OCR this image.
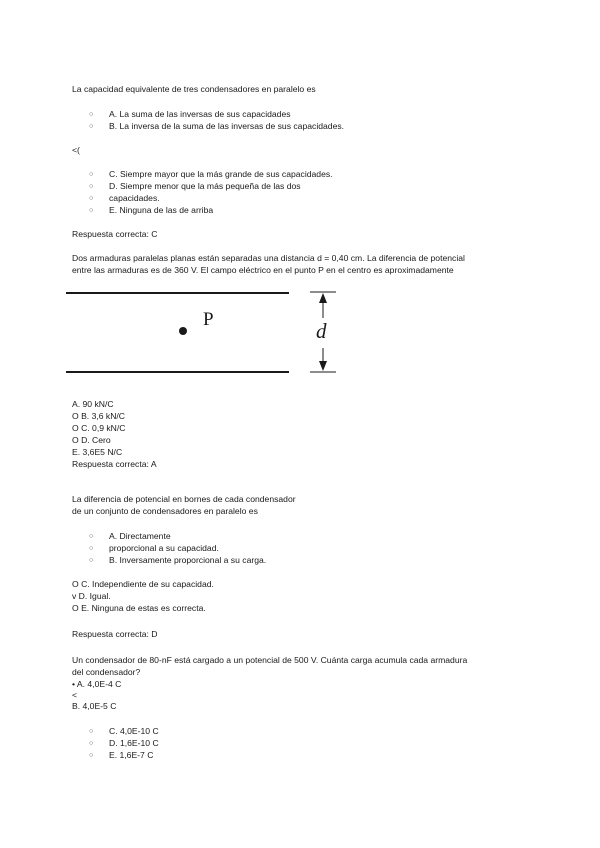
La capacidad equivalente de tres condensadores en paralelo es
○ A. La suma de las inversas de sus capacidades
○ B. La inversa de la suma de las inversas de sus capacidades.
<(
○ C. Siempre mayor que la más grande de sus capacidades.
○ D. Siempre menor que la más pequeña de las dos
○ capacidades.
○ E. Ninguna de las de arriba
Respuesta correcta: C
Dos armaduras paralelas planas están separadas una distancia d = 0,40 cm. La diferencia de potencial
entre las armaduras es de 360 V. El campo eléctrico en el punto P en el centro es aproximadamente
P	d
A. 90 kN/C
O B. 3,6 kN/C
O C. 0,9 kN/C
O D. Cero
E. 3,6E5 N/C
Respuesta correcta: A
La diferencia de potencial en bornes de cada condensador
de un conjunto de condensadores en paralelo es
○ A. Directamente
○ proporcional a su capacidad.
○ B. Inversamente proporcional a su carga.
O C. Independiente de su capacidad.
v D. Igual.
O E. Ninguna de estas es correcta.
Respuesta correcta: D
Un condensador de 80-nF está cargado a un potencial de 500 V. Cuánta carga acumula cada armadura
del condensador?
• A. 4,0E-4 C
<
B. 4,0E-5 C
○ C. 4,0E-10 C
○ D. 1,6E-10 C
○ E. 1,6E-7 C
